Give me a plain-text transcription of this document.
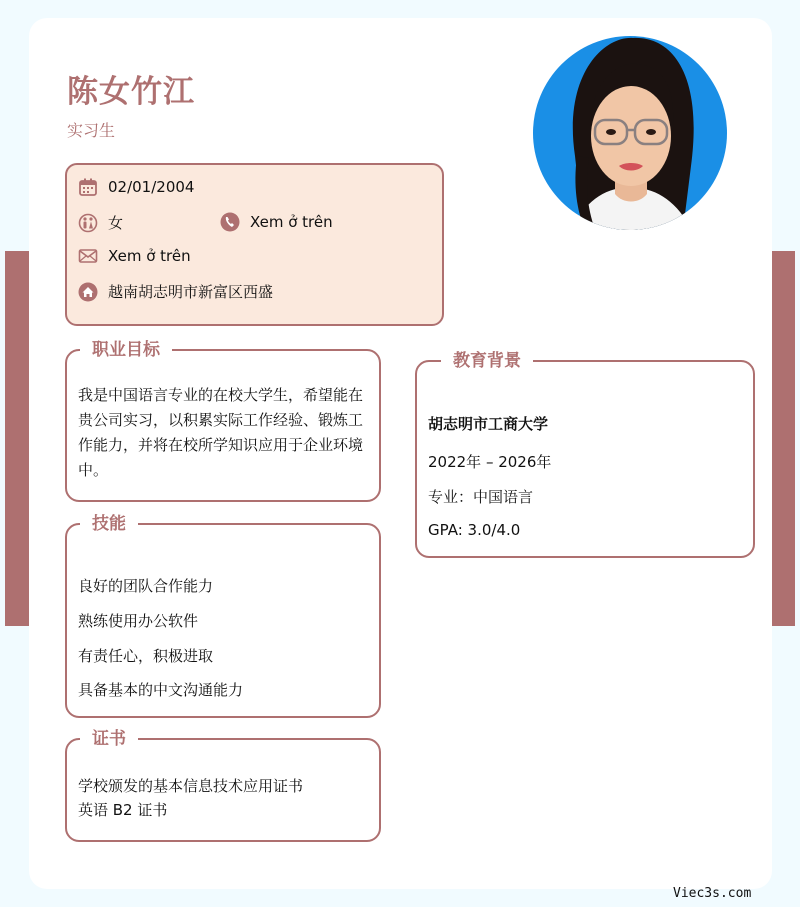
陈女竹江
实习生
02/01/2004
女	Xem ở trên
Xem ở trên
越南胡志明市新富区西盛
我是中国语言专业的在校大学生，希望能在贵公司实习，以积累实际工作经验、锻炼工作能力，并将在校所学知识应用于企业环境中。
职业目标
良好的团队合作能力
熟练使用办公软件
有责任心，积极进取
具备基本的中文沟通能力
技能
学校颁发的基本信息技术应用证书
英语 B2 证书
证书
胡志明市工商大学
2022年 – 2026年
专业：中国语言
GPA: 3.0/4.0
教育背景
Viec3s.com
